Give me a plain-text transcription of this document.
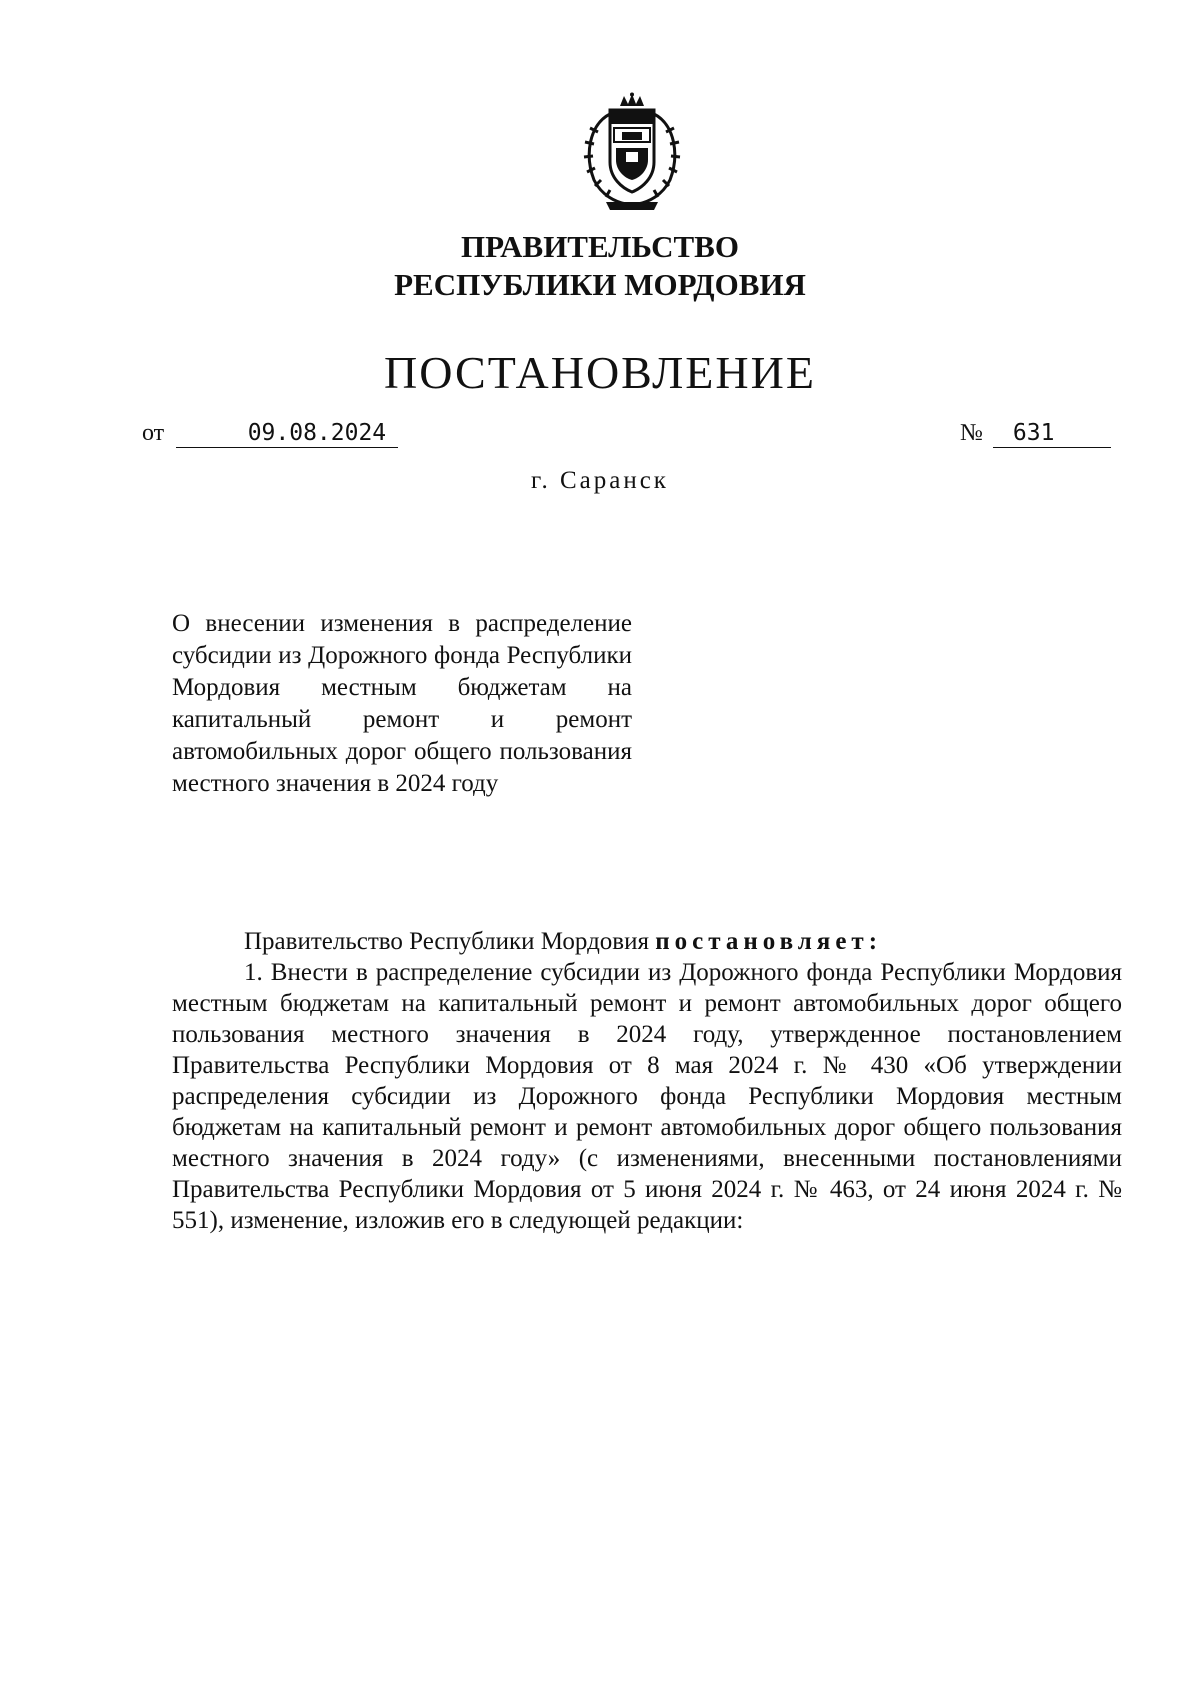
ПРАВИТЕЛЬСТВО
РЕСПУБЛИКИ МОРДОВИЯ
ПОСТАНОВЛЕНИЕ
от	09.08.2024	№ 631
г. Саранск
О внесении изменения в распределение субсидии из Дорожного фонда Республики Мордовия местным бюджетам на капитальный ремонт и ремонт автомобильных дорог общего пользования местного значения в 2024 году

Правительство Республики Мордовия постановляет:

1. Внести в распределение субсидии из Дорожного фонда Республики Мордовия местным бюджетам на капитальный ремонт и ремонт автомобильных дорог общего пользования местного значения в 2024 году, утвержденное постановлением Правительства Республики Мордовия от 8 мая 2024 г. № 430 «Об утверждении распределения субсидии из Дорожного фонда Республики Мордовия местным бюджетам на капитальный ремонт и ремонт автомобильных дорог общего пользования местного значения в 2024 году» (с изменениями, внесенными постановлениями Правительства Республики Мордовия от 5 июня 2024 г. № 463, от 24 июня 2024 г. № 551), изменение, изложив его в следующей редакции:
